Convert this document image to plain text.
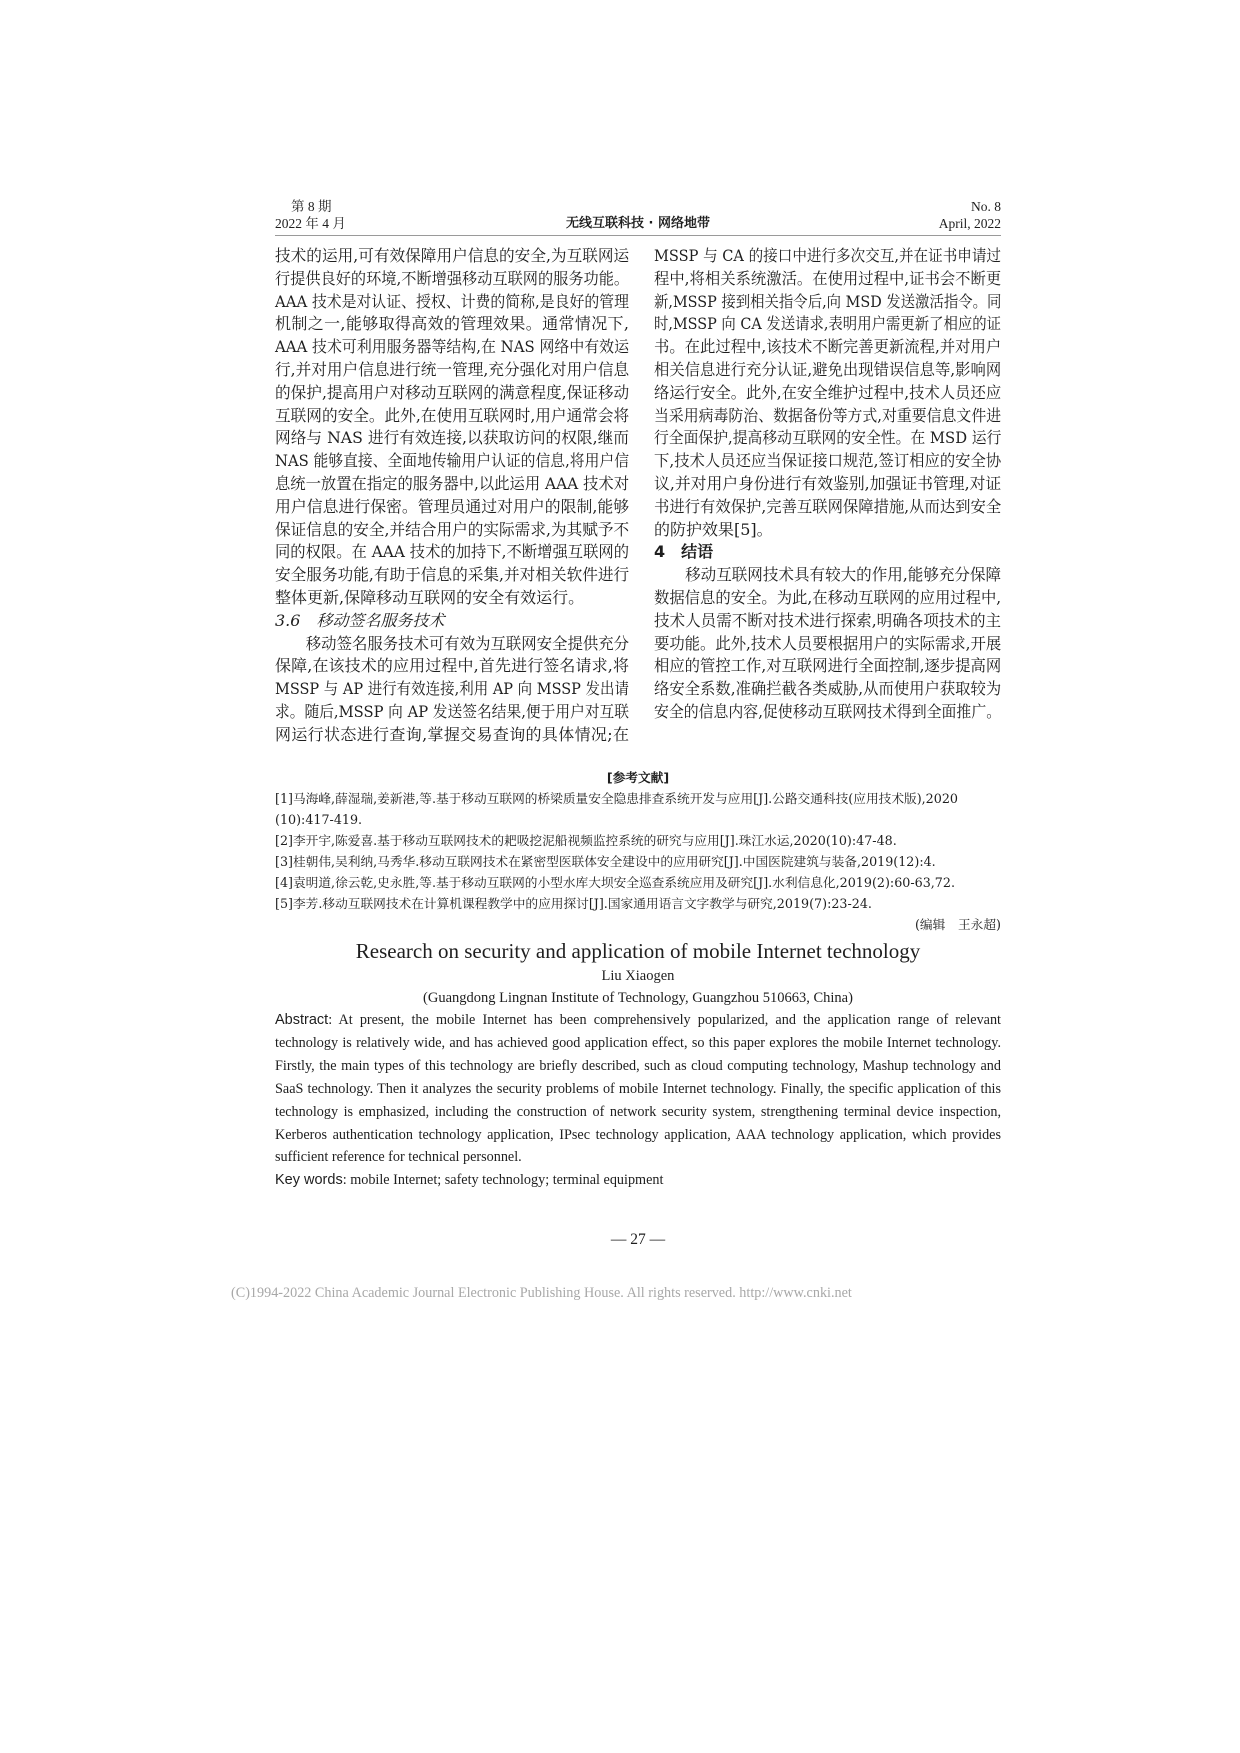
第 8 期
2022 年 4 月	无线互联科技 · 网络地带
No. 8
April, 2022
技术的运用,可有效保障用户信息的安全,为互联网运
行提供良好的环境,不断增强移动互联网的服务功能。
AAA 技术是对认证、授权、计费的简称,是良好的管理
机制之一,能够取得高效的管理效果。通常情况下,
AAA 技术可利用服务器等结构,在 NAS 网络中有效运
行,并对用户信息进行统一管理,充分强化对用户信息
的保护,提高用户对移动互联网的满意程度,保证移动
互联网的安全。此外,在使用互联网时,用户通常会将
网络与 NAS 进行有效连接,以获取访问的权限,继而
NAS 能够直接、全面地传输用户认证的信息,将用户信
息统一放置在指定的服务器中,以此运用 AAA 技术对
用户信息进行保密。管理员通过对用户的限制,能够
保证信息的安全,并结合用户的实际需求,为其赋予不
同的权限。在 AAA 技术的加持下,不断增强互联网的
安全服务功能,有助于信息的采集,并对相关软件进行
整体更新,保障移动互联网的安全有效运行。
3.6　移动签名服务技术
移动签名服务技术可有效为互联网安全提供充分
保障,在该技术的应用过程中,首先进行签名请求,将
MSSP 与 AP 进行有效连接,利用 AP 向 MSSP 发出请
求。随后,MSSP 向 AP 发送签名结果,便于用户对互联
网运行状态进行查询,掌握交易查询的具体情况;在
MSSP 与 CA 的接口中进行多次交互,并在证书申请过
程中,将相关系统激活。在使用过程中,证书会不断更
新,MSSP 接到相关指令后,向 MSD 发送激活指令。同
时,MSSP 向 CA 发送请求,表明用户需更新了相应的证
书。在此过程中,该技术不断完善更新流程,并对用户
相关信息进行充分认证,避免出现错误信息等,影响网
络运行安全。此外,在安全维护过程中,技术人员还应
当采用病毒防治、数据备份等方式,对重要信息文件进
行全面保护,提高移动互联网的安全性。在 MSD 运行
下,技术人员还应当保证接口规范,签订相应的安全协
议,并对用户身份进行有效鉴别,加强证书管理,对证
书进行有效保护,完善互联网保障措施,从而达到安全
的防护效果[5]。
4　结语
移动互联网技术具有较大的作用,能够充分保障
数据信息的安全。为此,在移动互联网的应用过程中,
技术人员需不断对技术进行探索,明确各项技术的主
要功能。此外,技术人员要根据用户的实际需求,开展
相应的管控工作,对互联网进行全面控制,逐步提高网
络安全系数,准确拦截各类威胁,从而使用户获取较为
安全的信息内容,促使移动互联网技术得到全面推广。
[参考文献]
[1]马海峰,薛湿瑞,姜新港,等.基于移动互联网的桥梁质量安全隐患排查系统开发与应用[J].公路交通科技(应用技术版),2020
(10):417-419.
[2]李开宇,陈爱喜.基于移动互联网技术的耙吸挖泥船视频监控系统的研究与应用[J].珠江水运,2020(10):47-48.
[3]桂朝伟,吴利纳,马秀华.移动互联网技术在紧密型医联体安全建设中的应用研究[J].中国医院建筑与装备,2019(12):4.
[4]袁明道,徐云乾,史永胜,等.基于移动互联网的小型水库大坝安全巡查系统应用及研究[J].水利信息化,2019(2):60-63,72.
[5]李芳.移动互联网技术在计算机课程教学中的应用探讨[J].国家通用语言文字教学与研究,2019(7):23-24.
(编辑　王永超)
Research on security and application of mobile Internet technology
Liu Xiaogen
(Guangdong Lingnan Institute of Technology, Guangzhou 510663, China)
Abstract: At present, the mobile Internet has been comprehensively popularized, and the application range of relevant technology is relatively wide, and has achieved good application effect, so this paper explores the mobile Internet technology. Firstly, the main types of this technology are briefly described, such as cloud computing technology, Mashup technology and SaaS technology. Then it analyzes the security problems of mobile Internet technology. Finally, the specific application of this technology is emphasized, including the construction of network security system, strengthening terminal device inspection, Kerberos authentication technology application, IPsec technology application, AAA technology application, which provides sufficient reference for technical personnel.
Key words: mobile Internet; safety technology; terminal equipment
— 27 —
(C)1994-2022 China Academic Journal Electronic Publishing House. All rights reserved. http://www.cnki.net
